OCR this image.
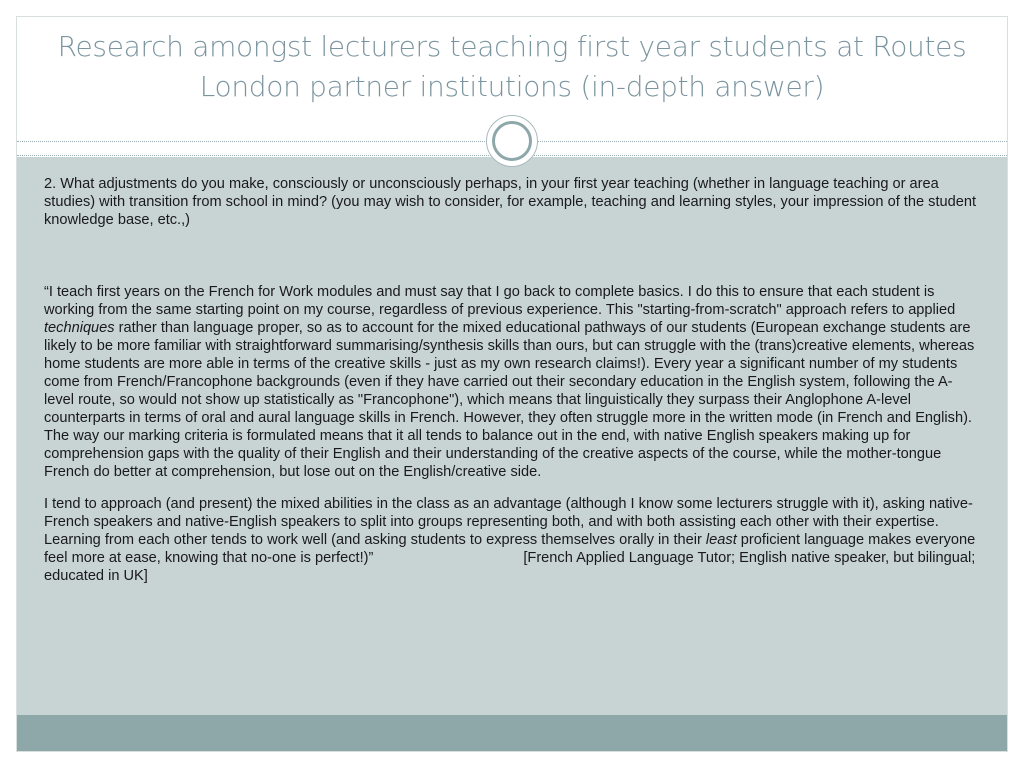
Research amongst lecturers teaching first year students at Routes London partner institutions (in-depth answer)

2. What adjustments do you make, consciously or unconsciously perhaps, in your first year teaching (whether in language teaching or area studies) with transition from school in mind? (you may wish to consider, for example, teaching and learning styles, your impression of the student knowledge base, etc.,)

“I teach first years on the French for Work modules and must say that I go back to complete basics. I do this to ensure that each student is working from the same starting point on my course, regardless of previous experience. This "starting-from-scratch" approach refers to applied techniques rather than language proper, so as to account for the mixed educational pathways of our students (European exchange students are likely to be more familiar with straightforward summarising/synthesis skills than ours, but can struggle with the (trans)creative elements, whereas home students are more able in terms of the creative skills - just as my own research claims!). Every year a significant number of my students come from French/Francophone backgrounds (even if they have carried out their secondary education in the English system, following the A-level route, so would not show up statistically as "Francophone"), which means that linguistically they surpass their Anglophone A-level counterparts in terms of oral and aural language skills in French. However, they often struggle more in the written mode (in French and English). The way our marking criteria is formulated means that it all tends to balance out in the end, with native English speakers making up for comprehension gaps with the quality of their English and their understanding of the creative aspects of the course, while the mother-tongue French do better at comprehension, but lose out on the English/creative side.

I tend to approach (and present) the mixed abilities in the class as an advantage (although I know some lecturers struggle with it), asking native-French speakers and native-English speakers to split into groups representing both, and with both assisting each other with their expertise. Learning from each other tends to work well (and asking students to express themselves orally in their least proficient language makes everyone feel more at ease, knowing that no-one is perfect!)”	[French Applied Language Tutor; English native speaker, but bilingual; educated in UK]
